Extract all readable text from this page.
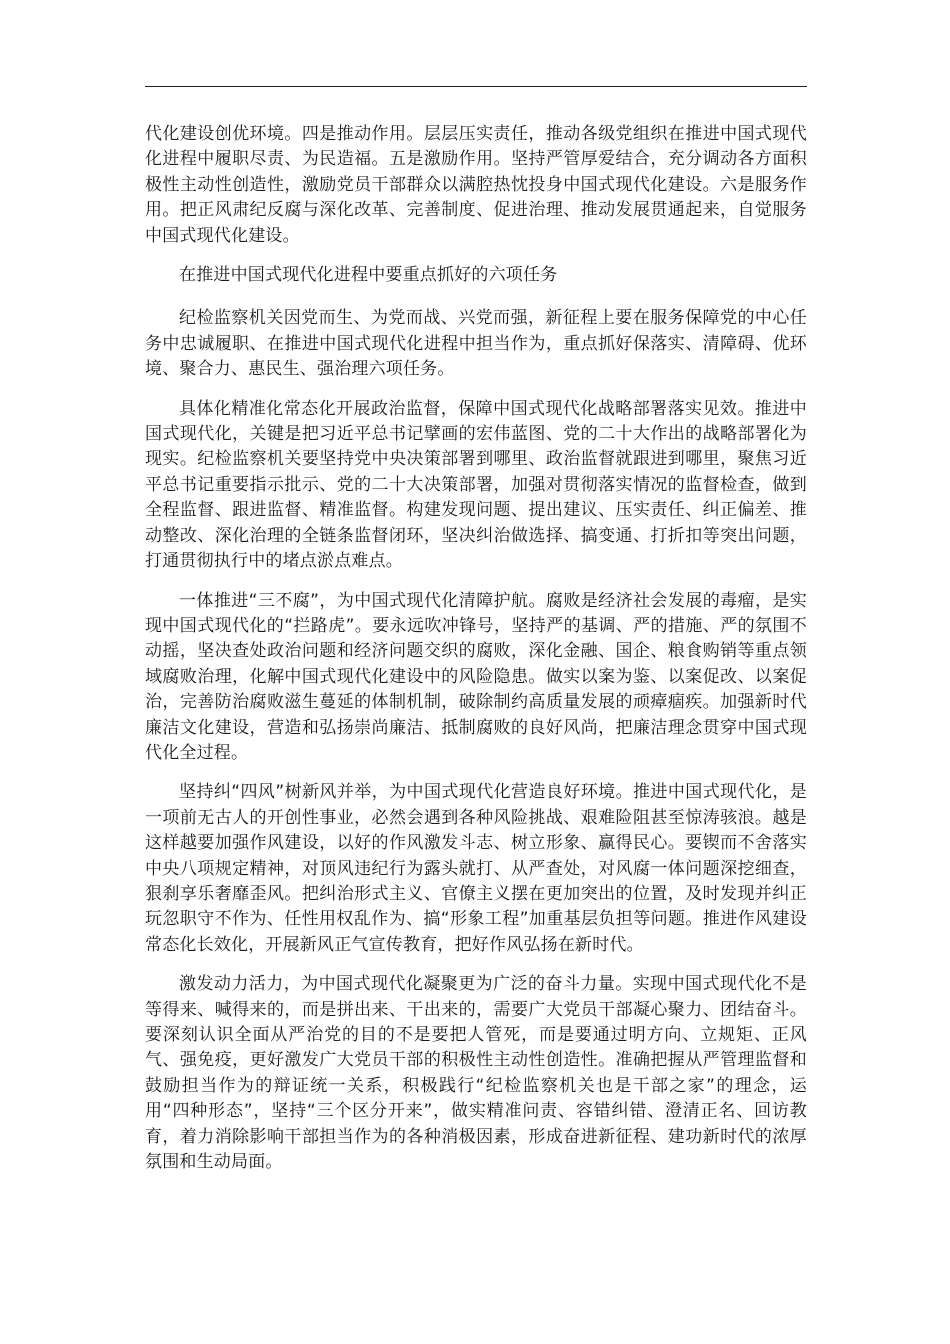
代化建设创优环境。四是推动作用。层层压实责任，推动各级党组织在推进中国式现代化进程中履职尽责、为民造福。五是激励作用。坚持严管厚爱结合，充分调动各方面积极性主动性创造性，激励党员干部群众以满腔热忱投身中国式现代化建设。六是服务作用。把正风肃纪反腐与深化改革、完善制度、促进治理、推动发展贯通起来，自觉服务中国式现代化建设。

在推进中国式现代化进程中要重点抓好的六项任务

纪检监察机关因党而生、为党而战、兴党而强，新征程上要在服务保障党的中心任务中忠诚履职、在推进中国式现代化进程中担当作为，重点抓好保落实、清障碍、优环境、聚合力、惠民生、强治理六项任务。

具体化精准化常态化开展政治监督，保障中国式现代化战略部署落实见效。推进中国式现代化，关键是把习近平总书记擘画的宏伟蓝图、党的二十大作出的战略部署化为现实。纪检监察机关要坚持党中央决策部署到哪里、政治监督就跟进到哪里，聚焦习近平总书记重要指示批示、党的二十大决策部署，加强对贯彻落实情况的监督检查，做到全程监督、跟进监督、精准监督。构建发现问题、提出建议、压实责任、纠正偏差、推动整改、深化治理的全链条监督闭环，坚决纠治做选择、搞变通、打折扣等突出问题，打通贯彻执行中的堵点淤点难点。

一体推进“三不腐”，为中国式现代化清障护航。腐败是经济社会发展的毒瘤，是实现中国式现代化的“拦路虎”。要永远吹冲锋号，坚持严的基调、严的措施、严的氛围不动摇，坚决查处政治问题和经济问题交织的腐败，深化金融、国企、粮食购销等重点领域腐败治理，化解中国式现代化建设中的风险隐患。做实以案为鉴、以案促改、以案促治，完善防治腐败滋生蔓延的体制机制，破除制约高质量发展的顽瘴痼疾。加强新时代廉洁文化建设，营造和弘扬崇尚廉洁、抵制腐败的良好风尚，把廉洁理念贯穿中国式现代化全过程。

坚持纠“四风”树新风并举，为中国式现代化营造良好环境。推进中国式现代化，是一项前无古人的开创性事业，必然会遇到各种风险挑战、艰难险阻甚至惊涛骇浪。越是这样越要加强作风建设，以好的作风激发斗志、树立形象、赢得民心。要锲而不舍落实中央八项规定精神，对顶风违纪行为露头就打、从严查处，对风腐一体问题深挖细查，狠刹享乐奢靡歪风。把纠治形式主义、官僚主义摆在更加突出的位置，及时发现并纠正玩忽职守不作为、任性用权乱作为、搞“形象工程”加重基层负担等问题。推进作风建设常态化长效化，开展新风正气宣传教育，把好作风弘扬在新时代。

激发动力活力，为中国式现代化凝聚更为广泛的奋斗力量。实现中国式现代化不是等得来、喊得来的，而是拼出来、干出来的，需要广大党员干部凝心聚力、团结奋斗。要深刻认识全面从严治党的目的不是要把人管死，而是要通过明方向、立规矩、正风气、强免疫，更好激发广大党员干部的积极性主动性创造性。准确把握从严管理监督和鼓励担当作为的辩证统一关系，积极践行“纪检监察机关也是干部之家”的理念，运用“四种形态”，坚持“三个区分开来”，做实精准问责、容错纠错、澄清正名、回访教育，着力消除影响干部担当作为的各种消极因素，形成奋进新征程、建功新时代的浓厚氛围和生动局面。
